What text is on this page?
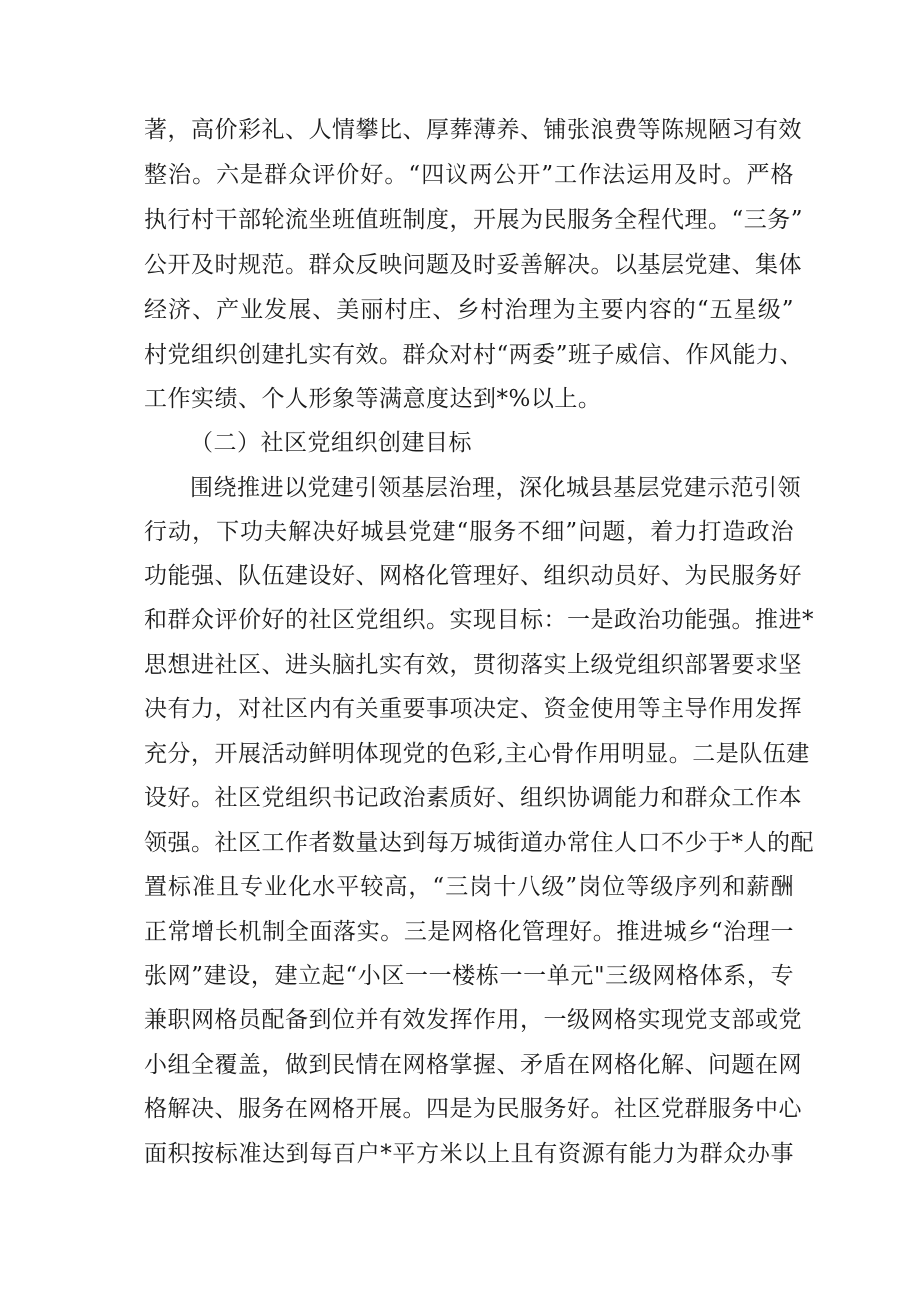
著，高价彩礼、人情攀比、厚葬薄养、铺张浪费等陈规陋习有效
整治。六是群众评价好。“四议两公开”工作法运用及时。严格
执行村干部轮流坐班值班制度，开展为民服务全程代理。“三务”
公开及时规范。群众反映问题及时妥善解决。以基层党建、集体
经济、产业发展、美丽村庄、乡村治理为主要内容的“五星级”
村党组织创建扎实有效。群众对村“两委”班子威信、作风能力、
工作实绩、个人形象等满意度达到*%以上。
（二）社区党组织创建目标
围绕推进以党建引领基层治理，深化城县基层党建示范引领
行动，下功夫解决好城县党建“服务不细”问题，着力打造政治
功能强、队伍建设好、网格化管理好、组织动员好、为民服务好
和群众评价好的社区党组织。实现目标：一是政治功能强。推进*
思想进社区、进头脑扎实有效，贯彻落实上级党组织部署要求坚
决有力，对社区内有关重要事项决定、资金使用等主导作用发挥
充分，开展活动鲜明体现党的色彩,主心骨作用明显。二是队伍建
设好。社区党组织书记政治素质好、组织协调能力和群众工作本
领强。社区工作者数量达到每万城街道办常住人口不少于*人的配
置标准且专业化水平较高，“三岗十八级”岗位等级序列和薪酬
正常增长机制全面落实。三是网格化管理好。推进城乡“治理一
张网”建设，建立起“小区一一楼栋一一单元"三级网格体系，专
兼职网格员配备到位并有效发挥作用，一级网格实现党支部或党
小组全覆盖，做到民情在网格掌握、矛盾在网格化解、问题在网
格解决、服务在网格开展。四是为民服务好。社区党群服务中心
面积按标准达到每百户*平方米以上且有资源有能力为群众办事
